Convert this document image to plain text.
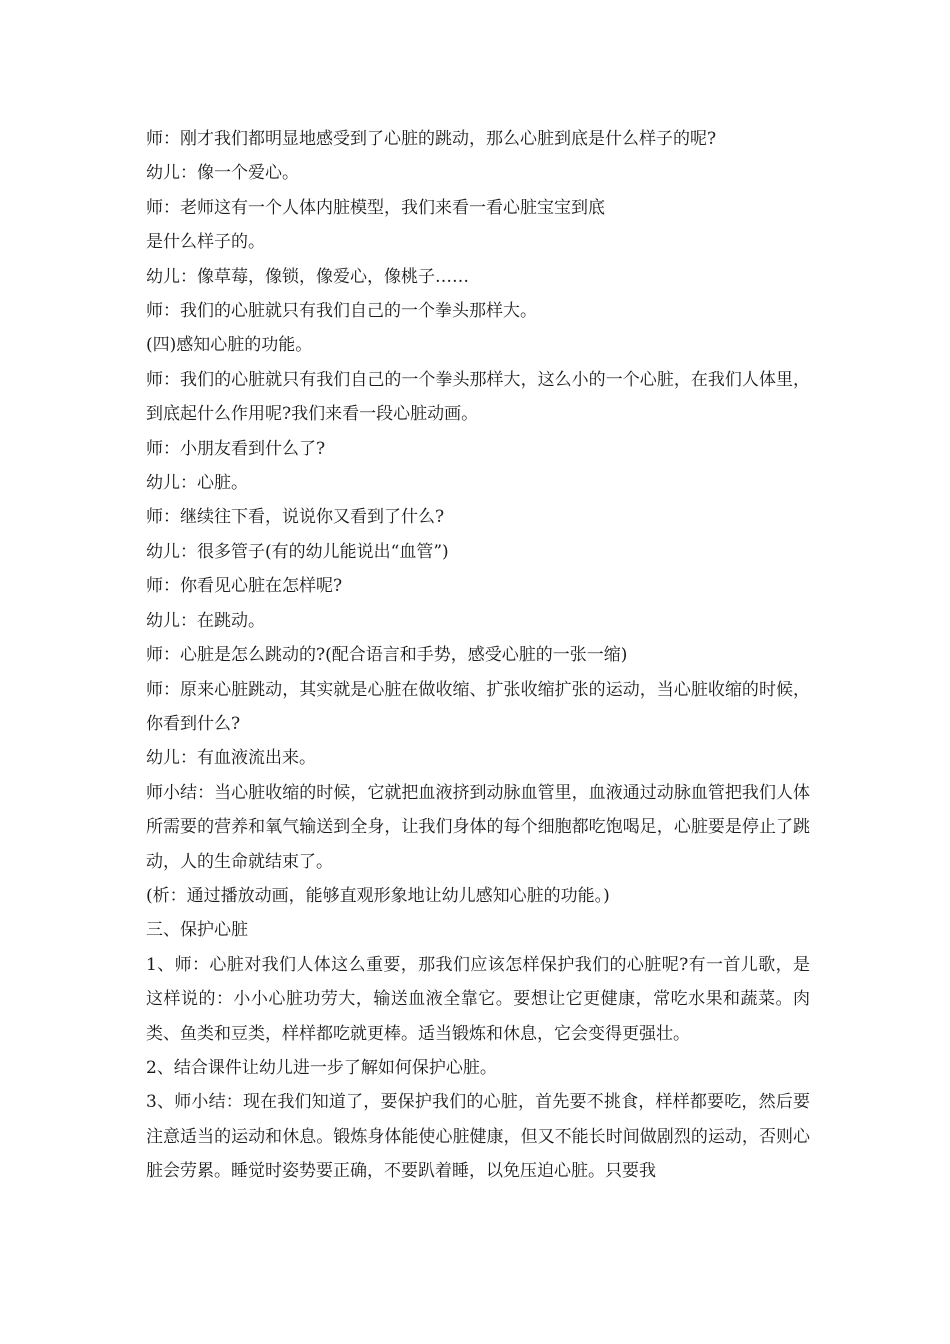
师：刚才我们都明显地感受到了心脏的跳动，那么心脏到底是什么样子的呢?

幼儿：像一个爱心。

师：老师这有一个人体内脏模型，我们来看一看心脏宝宝到底

是什么样子的。

幼儿：像草莓，像锁，像爱心，像桃子……

师：我们的心脏就只有我们自己的一个拳头那样大。

(四)感知心脏的功能。

师：我们的心脏就只有我们自己的一个拳头那样大，这么小的一个心脏，在我们人体里，到底起什么作用呢?我们来看一段心脏动画。

师：小朋友看到什么了?

幼儿：心脏。

师：继续往下看，说说你又看到了什么?

幼儿：很多管子(有的幼儿能说出“血管”)

师：你看见心脏在怎样呢?

幼儿：在跳动。

师：心脏是怎么跳动的?(配合语言和手势，感受心脏的一张一缩)

师：原来心脏跳动，其实就是心脏在做收缩、扩张收缩扩张的运动，当心脏收缩的时候，你看到什么?

幼儿：有血液流出来。

师小结：当心脏收缩的时候，它就把血液挤到动脉血管里，血液通过动脉血管把我们人体所需要的营养和氧气输送到全身，让我们身体的每个细胞都吃饱喝足，心脏要是停止了跳动，人的生命就结束了。

(析：通过播放动画，能够直观形象地让幼儿感知心脏的功能。)

三、保护心脏

1、师：心脏对我们人体这么重要，那我们应该怎样保护我们的心脏呢?有一首儿歌，是这样说的：小小心脏功劳大，输送血液全靠它。要想让它更健康，常吃水果和蔬菜。肉类、鱼类和豆类，样样都吃就更棒。适当锻炼和休息，它会变得更强壮。

2、结合课件让幼儿进一步了解如何保护心脏。

3、师小结：现在我们知道了，要保护我们的心脏，首先要不挑食，样样都要吃，然后要注意适当的运动和休息。锻炼身体能使心脏健康，但又不能长时间做剧烈的运动，否则心脏会劳累。睡觉时姿势要正确，不要趴着睡，以免压迫心脏。只要我
